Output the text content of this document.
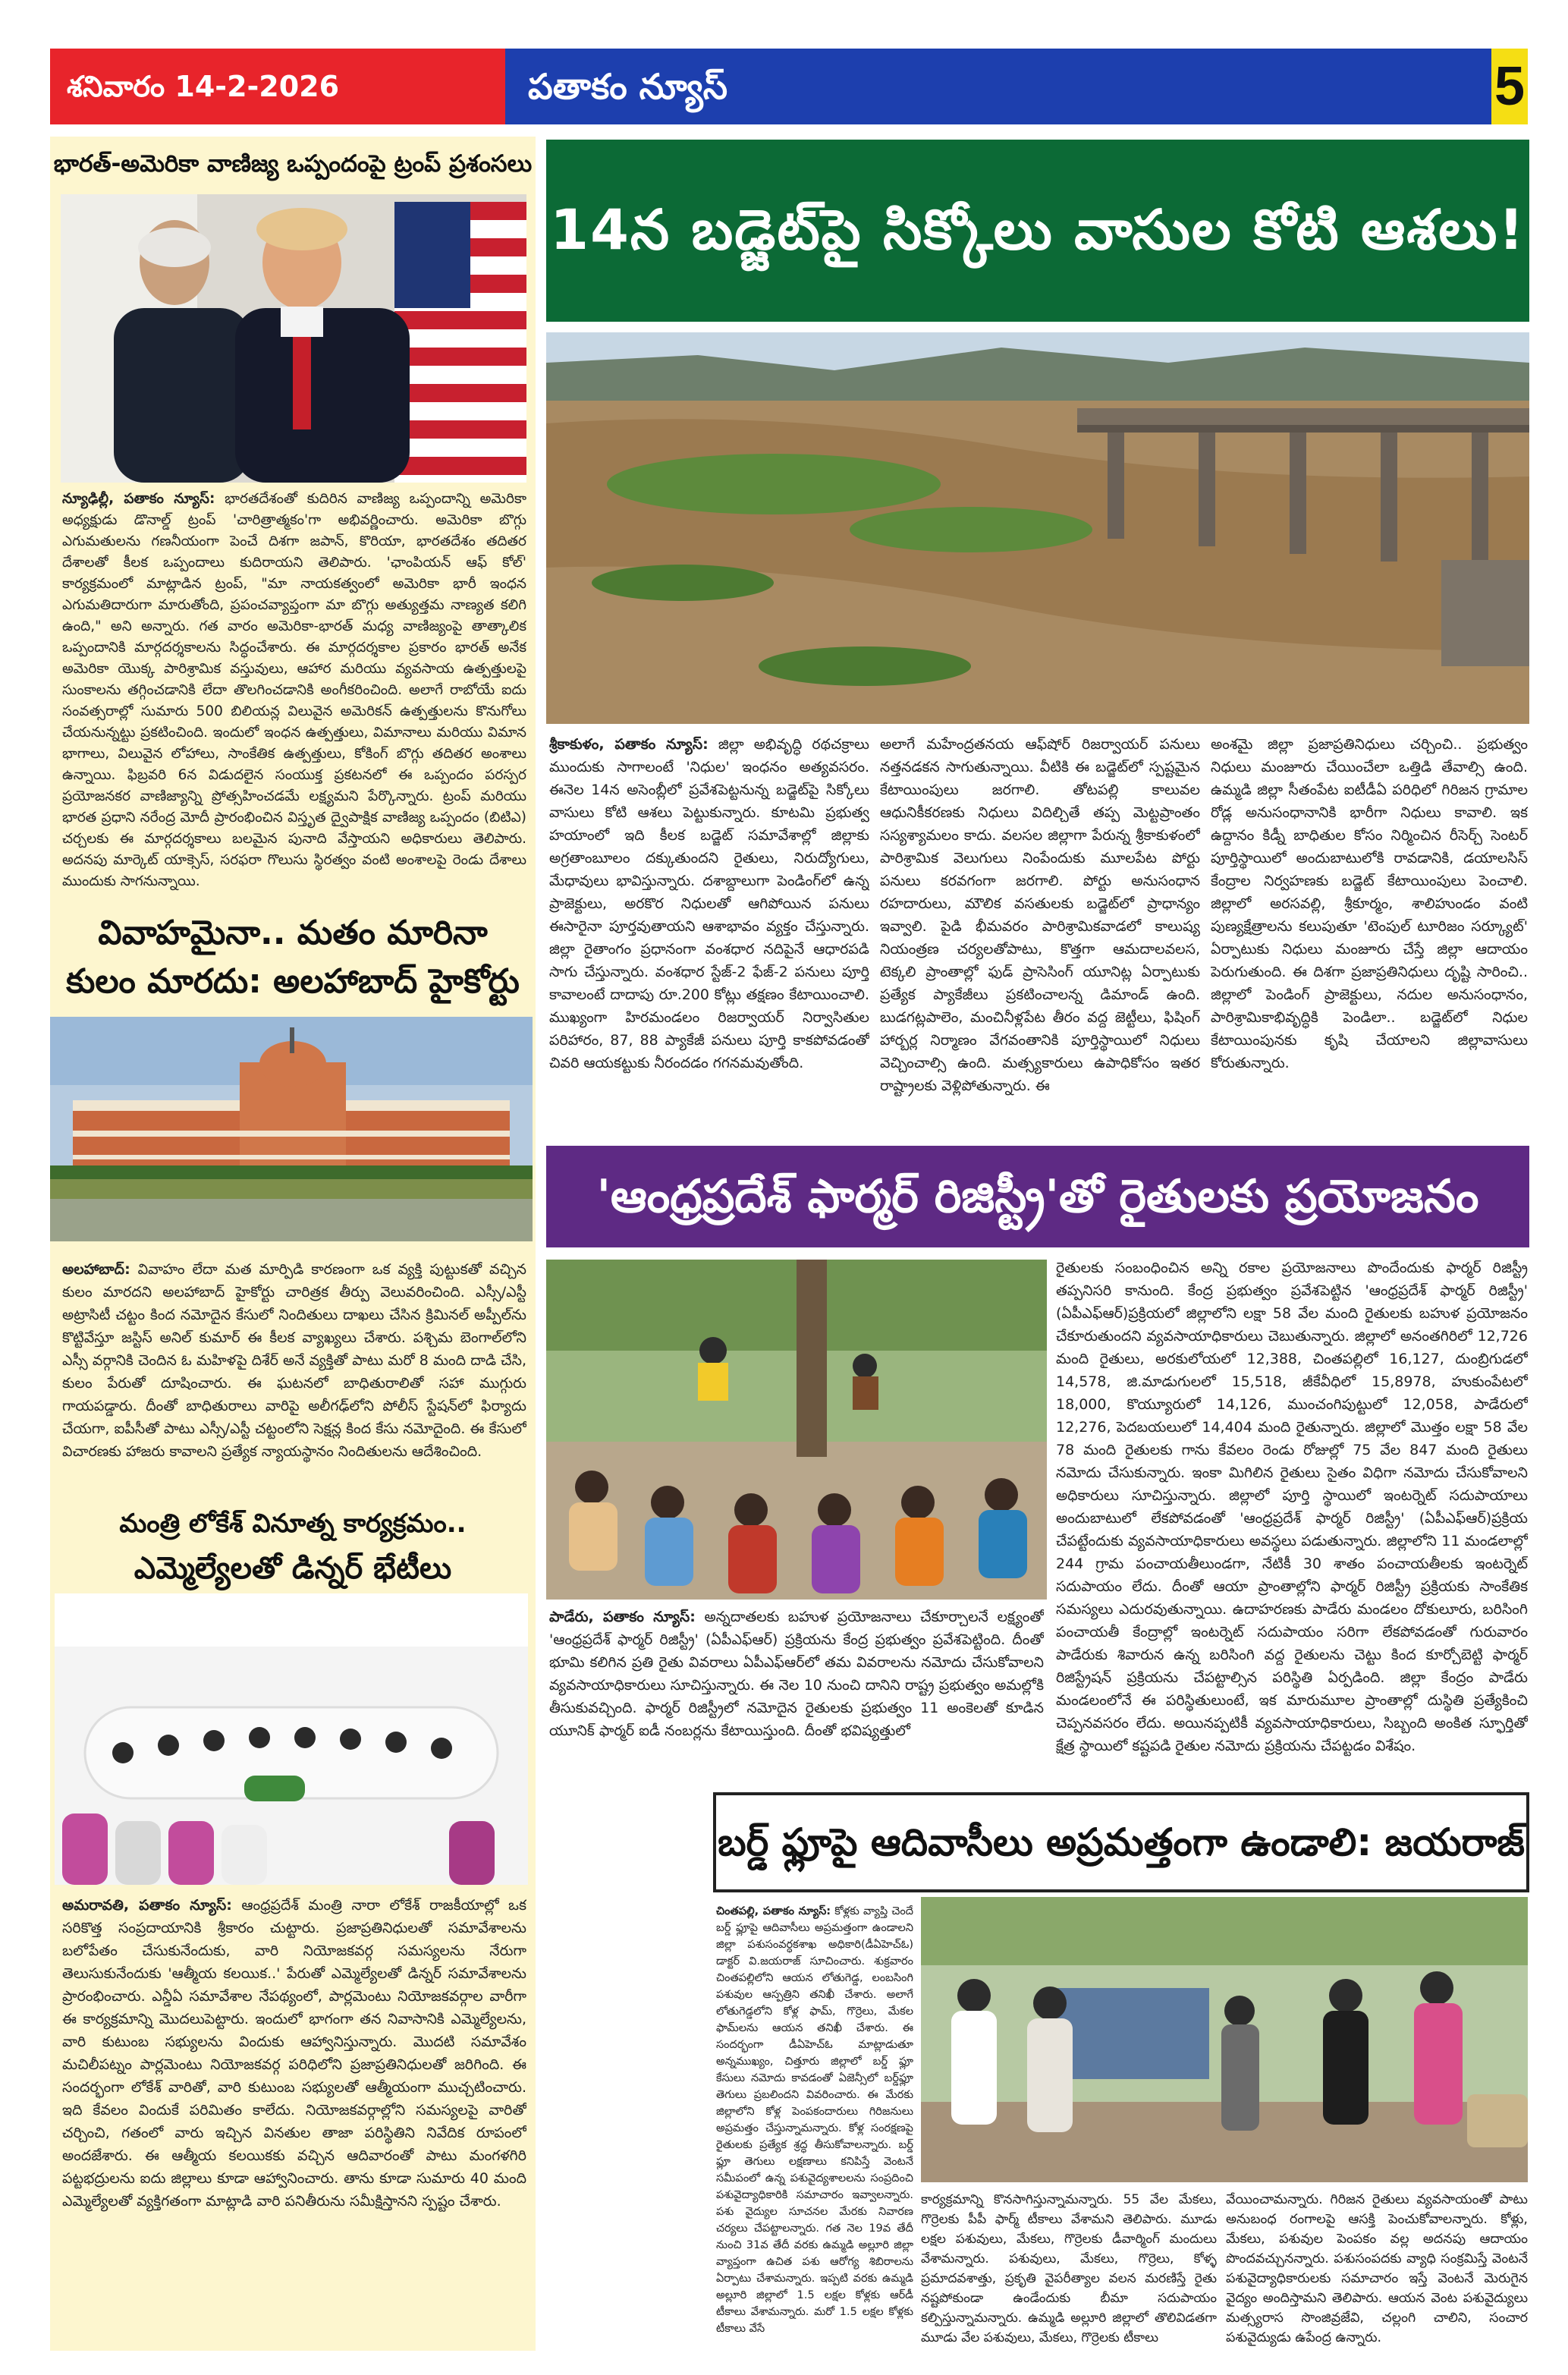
శనివారం 14-2-2026	పతాకం న్యూస్	5
భారత్-అమెరికా వాణిజ్య ఒప్పందంపై ట్రంప్ ప్రశంసలు
న్యూఢిల్లీ, పతాకం న్యూస్: భారతదేశంతో కుదిరిన వాణిజ్య ఒప్పందాన్ని అమెరికా అధ్యక్షుడు డొనాల్డ్ ట్రంప్ 'చారిత్రాత్మకం'గా అభివర్ణించారు. అమెరికా బొగ్గు ఎగుమతులను గణనీయంగా పెంచే దిశగా జపాన్, కొరియా, భారతదేశం తదితర దేశాలతో కీలక ఒప్పందాలు కుదిరాయని తెలిపారు. 'ఛాంపియన్ ఆఫ్ కోల్' కార్యక్రమంలో మాట్లాడిన ట్రంప్, "మా నాయకత్వంలో అమెరికా భారీ ఇంధన ఎగుమతిదారుగా మారుతోంది, ప్రపంచవ్యాప్తంగా మా బొగ్గు అత్యుత్తమ నాణ్యత కలిగి ఉంది," అని అన్నారు. గత వారం అమెరికా-భారత్ మధ్య వాణిజ్యంపై తాత్కాలిక ఒప్పందానికి మార్గదర్శకాలను సిద్ధంచేశారు. ఈ మార్గదర్శకాల ప్రకారం భారత్ అనేక అమెరికా యొక్క పారిశ్రామిక వస్తువులు, ఆహార మరియు వ్యవసాయ ఉత్పత్తులపై సుంకాలను తగ్గించడానికి లేదా తొలగించడానికి అంగీకరించింది. అలాగే రాబోయే ఐదు సంవత్సరాల్లో సుమారు 500 బిలియన్ల విలువైన అమెరికన్ ఉత్పత్తులను కొనుగోలు చేయనున్నట్టు ప్రకటించింది. ఇందులో ఇంధన ఉత్పత్తులు, విమానాలు మరియు విమాన భాగాలు, విలువైన లోహాలు, సాంకేతిక ఉత్పత్తులు, కోకింగ్ బొగ్గు తదితర అంశాలు ఉన్నాయి. ఫిబ్రవరి 6న విడుదలైన సంయుక్త ప్రకటనలో ఈ ఒప్పందం పరస్పర ప్రయోజనకర వాణిజ్యాన్ని ప్రోత్సహించడమే లక్ష్యమని పేర్కొన్నారు. ట్రంప్ మరియు భారత ప్రధాని నరేంద్ర మోదీ ప్రారంభించిన విస్తృత ద్వైపాక్షిక వాణిజ్య ఒప్పందం (బిటిఎ) చర్చలకు ఈ మార్గదర్శకాలు బలమైన పునాది వేస్తాయని అధికారులు తెలిపారు. అదనపు మార్కెట్ యాక్సెస్, సరఫరా గొలుసు స్థిరత్వం వంటి అంశాలపై రెండు దేశాలు ముందుకు సాగనున్నాయి.
వివాహమైనా.. మతం మారినా
కులం మారదు: అలహాబాద్ హైకోర్టు
అలహాబాద్: వివాహం లేదా మత మార్పిడి కారణంగా ఒక వ్యక్తి పుట్టుకతో వచ్చిన కులం మారదని అలహాబాద్ హైకోర్టు చారిత్రక తీర్పు వెలువరించింది. ఎస్సీ/ఎస్టీ అట్రాసిటీ చట్టం కింద నమోదైన కేసులో నిందితులు దాఖలు చేసిన క్రిమినల్ అప్పీల్‌ను కొట్టివేస్తూ జస్టిస్ అనిల్ కుమార్ ఈ కీలక వ్యాఖ్యలు చేశారు. పశ్చిమ బెంగాల్‌లోని ఎస్సీ వర్గానికి చెందిన ఓ మహిళపై దిశేర్ అనే వ్యక్తితో పాటు మరో 8 మంది దాడి చేసి, కులం పేరుతో దూషించారు. ఈ ఘటనలో బాధితురాలితో సహా ముగ్గురు గాయపడ్డారు. దీంతో బాధితురాలు వారిపై అలీగఢ్‌లోని పోలీస్ స్టేషన్‌లో ఫిర్యాదు చేయగా, ఐపీసీతో పాటు ఎస్సీ/ఎస్టీ చట్టంలోని సెక్షన్ల కింద కేసు నమోదైంది. ఈ కేసులో విచారణకు హాజరు కావాలని ప్రత్యేక న్యాయస్థానం నిందితులను ఆదేశించింది.
మంత్రి లోకేశ్ వినూత్న కార్యక్రమం..
ఎమ్మెల్యేలతో డిన్నర్ భేటీలు
అమరావతి, పతాకం న్యూస్: ఆంధ్రప్రదేశ్ మంత్రి నారా లోకేశ్ రాజకీయాల్లో ఒక సరికొత్త సంప్రదాయానికి శ్రీకారం చుట్టారు. ప్రజాప్రతినిధులతో సమావేశాలను బలోపేతం చేసుకునేందుకు, వారి నియోజకవర్గ సమస్యలను నేరుగా తెలుసుకునేందుకు 'ఆత్మీయ కలయిక..' పేరుతో ఎమ్మెల్యేలతో డిన్నర్ సమావేశాలను ప్రారంభించారు. ఎన్డీఏ సమావేశాల నేపథ్యంలో, పార్లమెంటు నియోజకవర్గాల వారీగా ఈ కార్యక్రమాన్ని మొదలుపెట్టారు. ఇందులో భాగంగా తన నివాసానికి ఎమ్మెల్యేలను, వారి కుటుంబ సభ్యులను విందుకు ఆహ్వానిస్తున్నారు. మొదటి సమావేశం మచిలీపట్నం పార్లమెంటు నియోజకవర్గ పరిధిలోని ప్రజాప్రతినిధులతో జరిగింది. ఈ సందర్భంగా లోకేశ్ వారితో, వారి కుటుంబ సభ్యులతో ఆత్మీయంగా ముచ్చటించారు. ఇది కేవలం విందుకే పరిమితం కాలేదు. నియోజకవర్గాల్లోని సమస్యలపై వారితో చర్చించి, గతంలో వారు ఇచ్చిన వినతుల తాజా పరిస్థితిని నివేదిక రూపంలో అందజేశారు. ఈ ఆత్మీయ కలయికకు వచ్చిన ఆదివారంతో పాటు మంగళగిరి పట్టభద్రులను ఐదు జిల్లాలు కూడా ఆహ్వానించారు. తాను కూడా సుమారు 40 మంది ఎమ్మెల్యేలతో వ్యక్తిగతంగా మాట్లాడి వారి పనితీరును సమీక్షిస్తానని స్పష్టం చేశారు.
14న బడ్జెట్‌పై సిక్కోలు వాసుల కోటి ఆశలు!
శ్రీకాకుళం, పతాకం న్యూస్: జిల్లా అభివృద్ధి రథచక్రాలు ముందుకు సాగాలంటే 'నిధుల' ఇంధనం అత్యవసరం. ఈనెల 14న అసెంబ్లీలో ప్రవేశపెట్టనున్న బడ్జెట్‌పై సిక్కోలు వాసులు కోటి ఆశలు పెట్టుకున్నారు. కూటమి ప్రభుత్వ హయాంలో ఇది కీలక బడ్జెట్ సమావేశాల్లో జిల్లాకు అగ్రతాంబూలం దక్కుతుందని రైతులు, నిరుద్యోగులు, మేధావులు భావిస్తున్నారు. దశాబ్దాలుగా పెండింగ్‌లో ఉన్న ప్రాజెక్టులు, అరకొర నిధులతో ఆగిపోయిన పనులు ఈసారైనా పూర్తవుతాయని ఆశాభావం వ్యక్తం చేస్తున్నారు. జిల్లా రైతాంగం ప్రధానంగా వంశధార నదిపైనే ఆధారపడి సాగు చేస్తున్నారు. వంశధార స్టేజ్-2 ఫేజ్-2 పనులు పూర్తి కావాలంటే దాదాపు రూ.200 కోట్లు తక్షణం కేటాయించాలి. ముఖ్యంగా హిరమండలం రిజర్వాయర్ నిర్వాసితుల పరిహారం, 87, 88 ప్యాకేజీ పనులు పూర్తి కాకపోవడంతో చివరి ఆయకట్టుకు నీరందడం గగనమవుతోంది.
అలాగే మహేంద్రతనయ ఆఫ్‌షోర్ రిజర్వాయర్ పనులు నత్తనడకన సాగుతున్నాయి. వీటికి ఈ బడ్జెట్‌లో స్పష్టమైన కేటాయింపులు జరగాలి. తోటపల్లి కాలువల ఆధునికీకరణకు నిధులు విదిల్చితే తప్ప మెట్టప్రాంతం సస్యశ్యామలం కాదు. వలసల జిల్లాగా పేరున్న శ్రీకాకుళంలో పారిశ్రామిక వెలుగులు నింపేందుకు మూలపేట పోర్టు పనులు కరవగంగా జరగాలి. పోర్టు అనుసంధాన రహదారులు, మౌలిక వసతులకు బడ్జెట్‌లో ప్రాధాన్యం ఇవ్వాలి. పైడి భీమవరం పారిశ్రామికవాడలో కాలుష్య నియంత్రణ చర్యలతోపాటు, కొత్తగా ఆమదాలవలస, టెక్కలి ప్రాంతాల్లో ఫుడ్ ప్రాసెసింగ్ యూనిట్ల ఏర్పాటుకు ప్రత్యేక ప్యాకేజీలు ప్రకటించాలన్న డిమాండ్ ఉంది. బుడగట్లపాలెం, మంచినీళ్లపేట తీరం వద్ద జెట్టీలు, ఫిషింగ్ హార్బర్ల నిర్మాణం వేగవంతానికి పూర్తిస్థాయిలో నిధులు వెచ్చించాల్సి ఉంది. మత్స్యకారులు ఉపాధికోసం ఇతర రాష్ట్రాలకు వెళ్లిపోతున్నారు. ఈ
అంశమై జిల్లా ప్రజాప్రతినిధులు చర్చించి.. ప్రభుత్వం నిధులు మంజూరు చేయించేలా ఒత్తిడి తేవాల్సి ఉంది. ఉమ్మడి జిల్లా సీతంపేట ఐటీడీఏ పరిధిలో గిరిజన గ్రామాల రోడ్ల అనుసంధానానికి భారీగా నిధులు కావాలి. ఇక ఉద్దానం కిడ్నీ బాధితుల కోసం నిర్మించిన రీసెర్చ్ సెంటర్ పూర్తిస్థాయిలో అందుబాటులోకి రావడానికి, డయాలసిస్ కేంద్రాల నిర్వహణకు బడ్జెట్ కేటాయింపులు పెంచాలి. జిల్లాలో అరసవల్లి, శ్రీకూర్మం, శాలిహుండం వంటి పుణ్యక్షేత్రాలను కలుపుతూ 'టెంపుల్ టూరిజం సర్క్యూట్' ఏర్పాటుకు నిధులు మంజూరు చేస్తే జిల్లా ఆదాయం పెరుగుతుంది. ఈ దిశగా ప్రజాప్రతినిధులు దృష్టి సారించి.. జిల్లాలో పెండింగ్ ప్రాజెక్టులు, నదుల అనుసంధానం, పారిశ్రామికాభివృద్ధికి పెండిలా.. బడ్జెట్‌లో నిధుల కేటాయింపునకు కృషి చేయాలని జిల్లావాసులు కోరుతున్నారు.
'ఆంధ్రప్రదేశ్ ఫార్మర్ రిజిస్ట్రీ'తో రైతులకు ప్రయోజనం
పాడేరు, పతాకం న్యూస్: అన్నదాతలకు బహుళ ప్రయోజనాలు చేకూర్చాలనే లక్ష్యంతో 'ఆంధ్రప్రదేశ్ ఫార్మర్ రిజిస్ట్రీ' (ఏపీఎఫ్‌ఆర్) ప్రక్రియను కేంద్ర ప్రభుత్వం ప్రవేశపెట్టింది. దీంతో భూమి కలిగిన ప్రతి రైతు వివరాలు ఏపీఎఫ్‌ఆర్‌లో తమ వివరాలను నమోదు చేసుకోవాలని వ్యవసాయాధికారులు సూచిస్తున్నారు. ఈ నెల 10 నుంచి దానిని రాష్ట్ర ప్రభుత్వం అమల్లోకి తీసుకువచ్చింది. ఫార్మర్ రిజిస్ట్రీలో నమోదైన రైతులకు ప్రభుత్వం 11 అంకెలతో కూడిన యూనిక్ ఫార్మర్ ఐడీ నంబర్లను కేటాయిస్తుంది. దీంతో భవిష్యత్తులో
రైతులకు సంబంధించిన అన్ని రకాల ప్రయోజనాలు పొందేందుకు ఫార్మర్ రిజిస్ట్రీ తప్పనిసరి కానుంది. కేంద్ర ప్రభుత్వం ప్రవేశపెట్టిన 'ఆంధ్రప్రదేశ్ ఫార్మర్ రిజిస్ట్రీ' (ఏపీఎఫ్‌ఆర్)ప్రక్రియలో జిల్లాలోని లక్షా 58 వేల మంది రైతులకు బహుళ ప్రయోజనం చేకూరుతుందని వ్యవసాయాధికారులు చెబుతున్నారు. జిల్లాలో అనంతగిరిలో 12,726 మంది రైతులు, అరకులోయలో 12,388, చింతపల్లిలో 16,127, దుంబ్రిగుడలో 14,578, జి.మాడుగులలో 15,518, జీకేవీధిలో 15,8978, హుకుంపేటలో 18,000, కొయ్యూరులో 14,126, ముంచంగిపుట్టులో 12,058, పాడేరులో 12,276, పెదబయలులో 14,404 మంది రైతున్నారు. జిల్లాలో మొత్తం లక్షా 58 వేల 78 మంది రైతులకు గాను కేవలం రెండు రోజుల్లో 75 వేల 847 మంది రైతులు నమోదు చేసుకున్నారు. ఇంకా మిగిలిన రైతులు సైతం విధిగా నమోదు చేసుకోవాలని అధికారులు సూచిస్తున్నారు. జిల్లాలో పూర్తి స్థాయిలో ఇంటర్నెట్ సదుపాయాలు అందుబాటులో లేకపోవడంతో 'ఆంధ్రప్రదేశ్ ఫార్మర్ రిజిస్ట్రీ' (ఏపీఎఫ్‌ఆర్)ప్రక్రియ చేపట్టేందుకు వ్యవసాయాధికారులు అవస్థలు పడుతున్నారు. జిల్లాలోని 11 మండలాల్లో 244 గ్రామ పంచాయతీలుండగా, నేటికీ 30 శాతం పంచాయతీలకు ఇంటర్నెట్ సదుపాయం లేదు. దీంతో ఆయా ప్రాంతాల్లోని ఫార్మర్ రిజిస్ట్రీ ప్రక్రియకు సాంకేతిక సమస్యలు ఎదురవుతున్నాయి. ఉదాహరణకు పాడేరు మండలం దోకులూరు, బరిసింగి పంచాయతీ కేంద్రాల్లో ఇంటర్నెట్ సదుపాయం సరిగా లేకపోవడంతో గురువారం పాడేరుకు శివారున ఉన్న బరిసింగి వద్ద రైతులను చెట్టు కింద కూర్చోబెట్టి ఫార్మర్ రిజిస్ట్రేషన్ ప్రక్రియను చేపట్టాల్సిన పరిస్థితి ఏర్పడింది. జిల్లా కేంద్రం పాడేరు మండలంలోనే ఈ పరిస్థితులుంటే, ఇక మారుమూల ప్రాంతాల్లో దుస్థితి ప్రత్యేకించి చెప్పనవసరం లేదు. అయినప్పటికీ వ్యవసాయాధికారులు, సిబ్బంది అంకిత స్ఫూర్తితో క్షేత్ర స్థాయిలో కష్టపడి రైతుల నమోదు ప్రక్రియను చేపట్టడం విశేషం.
బర్డ్ ఫ్లూపై ఆదివాసీలు అప్రమత్తంగా ఉండాలి: జయరాజ్
చింతపల్లి, పతాకం న్యూస్: కోళ్లకు వ్యాప్తి చెందే బర్డ్ ఫ్లూపై ఆదివాసీలు అప్రమత్తంగా ఉండాలని జిల్లా పశుసంవర్ధకశాఖ అధికారి(డీఏహెచ్‌ఓ) డాక్టర్ వి.జయరాజ్ సూచించారు. శుక్రవారం చింతపల్లిలోని ఆయన లోతుగెడ్డ, లంబసింగి పశువుల ఆస్పత్రిని తనిఖీ చేశారు. అలాగే లోతుగెడ్డలోని కోళ్ల ఫామ్, గొర్రెలు, మేకల ఫామ్‌లను ఆయన తనిఖీ చేశారు. ఈ సందర్భంగా డీఏహెచ్‌ఓ మాట్లాడుతూ అన్నముఖ్యం, చిత్తూరు జిల్లాలో బర్డ్ ఫ్లూ కేసులు నమోదు కావడంతో ఏజెన్సీలో బర్డ్‌ఫ్లూ తెగులు ప్రబలిందని వివరించారు. ఈ మేరకు జిల్లాలోని కోళ్ల పెంపకందారులు గిరిజనులు అప్రమత్తం చేస్తున్నామన్నారు. కోళ్ల సంరక్షణపై రైతులకు ప్రత్యేక శ్రద్ధ తీసుకోవాలన్నారు. బర్డ్ ఫ్లూ తెగులు లక్షణాలు కనిపిస్తే వెంటనే సమీపంలో ఉన్న పశువైద్యశాలలను సంప్రదించి పశువైద్యాధికారికి సమాచారం ఇవ్వాలన్నారు. పశు వైద్యుల సూచనల మేరకు నివారణ చర్యలు చేపట్టాలన్నారు. గత నెల 19వ తేదీ నుంచి 31వ తేదీ వరకు ఉమ్మడి అల్లూరి జిల్లా వ్యాప్తంగా ఉచిత పశు ఆరోగ్య శిబిరాలను ఏర్పాటు చేశామన్నారు. ఇప్పటి వరకు ఉమ్మడి అల్లూరి జిల్లాలో 1.5 లక్షల కోళ్లకు ఆర్‌డీ టీకాలు వేశామన్నారు. మరో 1.5 లక్షల కోళ్లకు టీకాలు వేసే
కార్యక్రమాన్ని కొనసాగిస్తున్నామన్నారు. 55 వేల మేకలు, గొర్రెలకు పీపీ ఫార్మ్ టీకాలు వేశామని తెలిపారు. మూడు లక్షల పశువులు, మేకలు, గొర్రెలకు డీవార్మింగ్ మందులు వేశామన్నారు. పశువులు, మేకలు, గొర్రెలు, కోళ్ళ ప్రమాదవశాత్తు, ప్రకృతి వైపరీత్యాల వలన మరణిస్తే రైతు నష్టపోకుండా ఉండేందుకు బీమా సదుపాయం కల్పిస్తున్నామన్నారు. ఉమ్మడి అల్లూరి జిల్లాలో తొలివిడతగా మూడు వేల పశువులు, మేకలు, గొర్రెలకు టీకాలు
వేయించామన్నారు. గిరిజన రైతులు వ్యవసాయంతో పాటు అనుబంధ రంగాలపై ఆసక్తి పెంచుకోవాలన్నారు. కోళ్లు, మేకలు, పశువుల పెంపకం వల్ల అదనపు ఆదాయం పొందవచ్చునన్నారు. పశుసంపదకు వ్యాధి సంక్రమిస్తే వెంటనే పశువైద్యాధికారులకు సమాచారం ఇస్తే వెంటనే మెరుగైన వైద్యం అందిస్తామని తెలిపారు. ఆయన వెంట పశువైద్యులు మత్స్యరాస సొంజివ్రజేవి, చల్లంగి చాలిని, సంచార పశువైద్యుడు ఉపేంద్ర ఉన్నారు.
